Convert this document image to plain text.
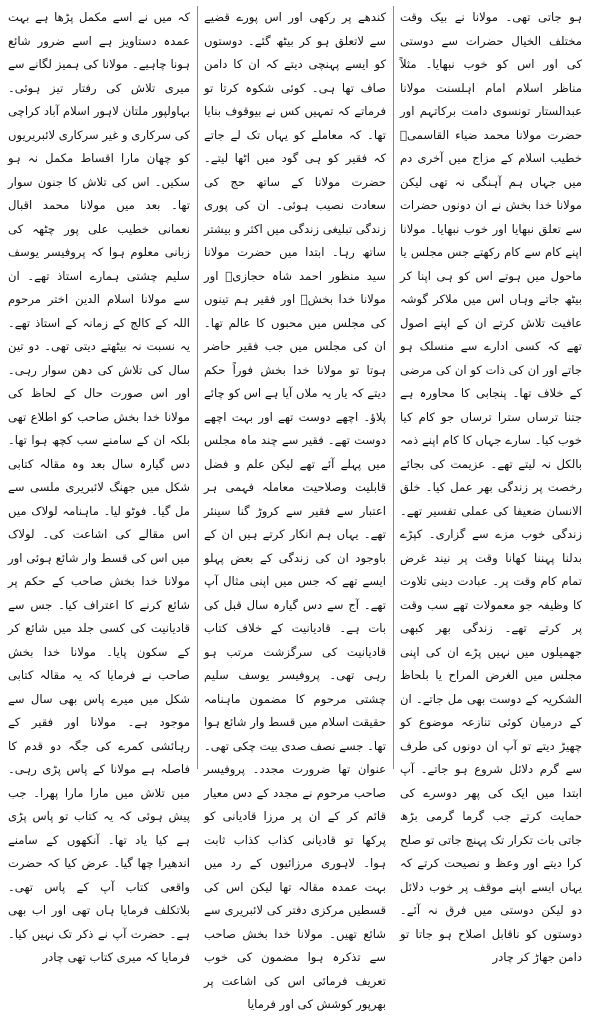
ہو جاتی تھی۔ مولانا نے بیک وقت مختلف الخیال حضرات سے دوستی کی اور اس کو خوب نبھایا۔ مثلاً مناظر اسلام امام اہلسنت مولانا عبدالستار تونسوی دامت برکاتہم اور حضرت مولانا محمد ضیاء القاسمیؒ خطیب اسلام کے مزاج میں آخری دم میں جہاں ہم آہنگی نہ تھی لیکن مولانا خدا بخش نے ان دونوں حضرات سے تعلق نبھایا اور خوب نبھایا۔ مولانا اپنے کام سے کام رکھتے جس مجلس یا ماحول میں ہوتے اس کو ہی اپنا کر بیٹھ جاتے وہاں اس میں ملاکر گوشہ عافیت تلاش کرتے ان کے اپنے اصول تھے کہ کسی ادارے سے منسلک ہو جاتے اور ان کی ذات کو ان کی مرضی کے خلاف تھا۔ پنجابی کا محاورہ ہے جتنا ترساں سترا ترساں جو کام کیا خوب کیا۔ سارے جہاں کا کام اپنے ذمہ بالکل نہ لیتے تھے۔ عزیمت کی بجائے رخصت پر زندگی بھر عمل کیا۔ خلق الانسان ضعیفا کی عملی تفسیر تھے۔ زندگی خوب مزے سے گزاری۔ کپڑے بدلنا پہننا کھانا وقت پر نیند غرض تمام کام وقت پر۔ عبادت دینی تلاوت کا وظیفہ جو معمولات تھے سب وقت پر کرتے تھے۔ زندگی بھر کبھی جھمیلوں میں نہیں پڑے ان کی اپنی مجلس میں الغرض المراح یا بلحاظ الشکریہ کے دوست بھی مل جاتے۔ ان کے درمیان کوئی تنازعہ موضوع کو چھیڑ دیتے تو آپ ان دونوں کی طرف سے گرم دلائل شروع ہو جاتے۔ آپ ابتدا میں ایک کی پھر دوسرے کی حمایت کرتے جب گرما گرمی بڑھ جاتی بات تکرار تک پہنچ جاتی تو صلح کرا دیتے اور وعظ و نصیحت کرتے کہ یہاں ایسے اپنے موقف پر خوب دلائل دو لیکن دوستی میں فرق نہ آئے۔ دوستوں کو ناقابل اصلاح ہو جاتا تو دامن جھاڑ کر چادر

کندھے پر رکھی اور اس پورے قضیے سے لاتعلق ہو کر بیٹھ گئے۔ دوستوں کو ایسے پہنچی دیتے کہ ان کا دامن صاف تھا ہی۔ کوئی شکوہ کرتا تو فرماتے کہ تمہیں کس نے بیوقوف بنایا تھا۔ کہ معاملے کو یہاں تک لے جاتے کہ فقیر کو ہی گود میں اٹھا لیتے۔ حضرت مولانا کے ساتھ حج کی سعادت نصیب ہوئی۔ ان کی پوری زندگی تبلیغی زندگی میں اکثر و بیشتر ساتھ رہا۔ ابتدا میں حضرت مولانا سید منظور احمد شاہ حجازیؒ اور مولانا خدا بخشؒ اور فقیر ہم تینوں کی مجلس میں محبوں کا عالم تھا۔ ان کی مجلس میں جب فقیر حاضر ہوتا تو مولانا خدا بخش فوراً حکم دیتے کہ یار یہ ملاں آیا ہے اس کو چائے پلاؤ۔ اچھے دوست تھے اور بہت اچھے دوست تھے۔ فقیر سے چند ماہ مجلس میں پہلے آئے تھے لیکن علم و فضل قابلیت وصلاحیت معاملہ فہمی ہر اعتبار سے فقیر سے کروڑ گنا سینئر تھے۔ یہاں ہم انکار کرتے ہیں ان کے باوجود ان کی زندگی کے بعض پہلو ایسے تھے کہ جس میں اپنی مثال آپ تھے۔ آج سے دس گیارہ سال قبل کی بات ہے۔ قادیانیت کے خلاف کتاب قادیانیت کی سرگزشت مرتب ہو رہی تھی۔ پروفیسر یوسف سلیم چشتی مرحوم کا مضمون ماہنامہ حقیقت اسلام میں قسط وار شائع ہوا تھا۔ جسے نصف صدی بیت چکی تھی۔ عنوان تھا ضرورت مجدد۔ پروفیسر صاحب مرحوم نے مجدد کے دس معیار قائم کر کے ان پر مرزا قادیانی کو پرکھا تو قادیانی کذاب کذاب ثابت ہوا۔ لاہوری مرزائیوں کے رد میں بہت عمدہ مقالہ تھا لیکن اس کی قسطیں مرکزی دفتر کی لائبریری سے شائع تھیں۔ مولانا خدا بخش صاحب سے تذکرہ ہوا مضمون کی خوب تعریف فرمائی اس کی اشاعت پر بھرپور کوشش کی اور فرمایا

کہ میں نے اسے مکمل پڑھا ہے بہت عمدہ دستاویز ہے اسے ضرور شائع ہونا چاہیے۔ مولانا کی ہمیز لگانے سے میری تلاش کی رفتار تیز ہوئی۔ بہاولپور ملتان لاہور اسلام آباد کراچی کی سرکاری و غیر سرکاری لائبریریوں کو چھان مارا اقساط مکمل نہ ہو سکیں۔ اس کی تلاش کا جنون سوار تھا۔ بعد میں مولانا محمد اقبال نعمانی خطیب علی پور چٹھہ کی زبانی معلوم ہوا کہ پروفیسر یوسف سلیم چشتی ہمارے استاذ تھے۔ ان سے مولانا اسلام الدین اختر مرحوم اللہ کے کالج کے زمانہ کے استاذ تھے۔ یہ نسبت نہ بیٹھتے دیتی تھی۔ دو تین سال کی تلاش کی دھن سوار رہی۔ اور اس صورت حال کے لحاظ کی مولانا خدا بخش صاحب کو اطلاع تھی بلکہ ان کے سامنے سب کچھ ہوا تھا۔ دس گیارہ سال بعد وہ مقالہ کتابی شکل میں جھنگ لائبریری ملسی سے مل گیا۔ فوٹو لیا۔ ماہنامہ لولاک میں اس مقالے کی اشاعت کی۔ لولاک میں اس کی قسط وار شائع ہوئی اور مولانا خدا بخش صاحب کے حکم پر شائع کرنے کا اعتراف کیا۔ جس سے قادیانیت کی کسی جلد میں شائع کر کے سکون پایا۔ مولانا خدا بخش صاحب نے فرمایا کہ یہ مقالہ کتابی شکل میں میرے پاس بھی سال سے موجود ہے۔ مولانا اور فقیر کے رہائشی کمرے کی جگہ دو قدم کا فاصلہ ہے مولانا کے پاس پڑی رہی۔ میں تلاش میں مارا مارا پھرا۔ جب پیش ہوئی کہ یہ کتاب تو پاس پڑی ہے کیا یاد تھا۔ آنکھوں کے سامنے اندھیرا چھا گیا۔ عرض کیا کہ حضرت واقعی کتاب آپ کے پاس تھی۔ بلاتکلف فرمایا ہاں تھی اور اب بھی ہے۔ حضرت آپ نے ذکر تک نہیں کیا۔ فرمایا کہ میری کتاب تھی چادر
